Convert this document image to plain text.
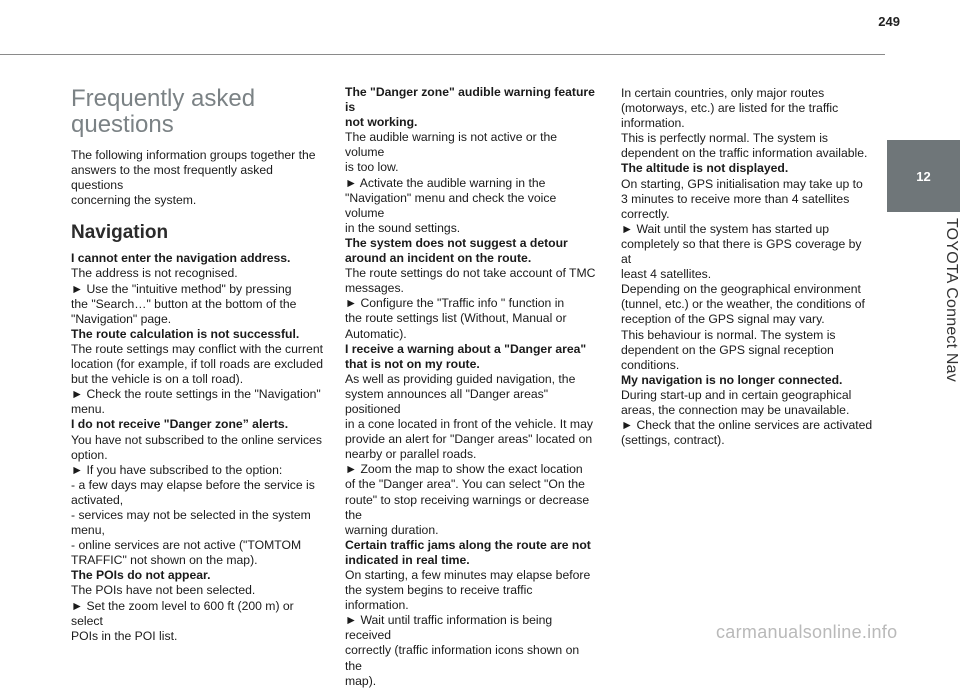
249
12
TOYOTA Connect Nav
Frequently asked
questions

The following information groups together the
answers to the most frequently asked questions
concerning the system.

Navigation

I cannot enter the navigation address.

The address is not recognised.
► Use the "intuitive method" by pressing
the "Search…" button at the bottom of the
"Navigation" page.

The route calculation is not successful.

The route settings may conflict with the current
location (for example, if toll roads are excluded
but the vehicle is on a toll road).
► Check the route settings in the "Navigation"
menu.

I do not receive "Danger zone” alerts.

You have not subscribed to the online services
option.
► If you have subscribed to the option:
- a few days may elapse before the service is
activated,
- services may not be selected in the system
menu,
- online services are not active ("TOMTOM
TRAFFIC" not shown on the map).

The POIs do not appear.

The POIs have not been selected.
► Set the zoom level to 600 ft (200 m) or select
POIs in the POI list.

The "Danger zone" audible warning feature is
not working.

The audible warning is not active or the volume
is too low.
► Activate the audible warning in the
"Navigation" menu and check the voice volume
in the sound settings.

The system does not suggest a detour
around an incident on the route.

The route settings do not take account of TMC
messages.
► Configure the "Traffic info " function in
the route settings list (Without, Manual or
Automatic).

I receive a warning about a "Danger area"
that is not on my route.

As well as providing guided navigation, the
system announces all "Danger areas" positioned
in a cone located in front of the vehicle. It may
provide an alert for "Danger areas" located on
nearby or parallel roads.
► Zoom the map to show the exact location
of the "Danger area". You can select "On the
route" to stop receiving warnings or decrease the
warning duration.

Certain traffic jams along the route are not
indicated in real time.

On starting, a few minutes may elapse before
the system begins to receive traffic information.
► Wait until traffic information is being received
correctly (traffic information icons shown on the
map).

In certain countries, only major routes
(motorways, etc.) are listed for the traffic
information.
This is perfectly normal. The system is
dependent on the traffic information available.

The altitude is not displayed.

On starting, GPS initialisation may take up to
3 minutes to receive more than 4 satellites
correctly.
► Wait until the system has started up
completely so that there is GPS coverage by at
least 4 satellites.
Depending on the geographical environment
(tunnel, etc.) or the weather, the conditions of
reception of the GPS signal may vary.
This behaviour is normal. The system is
dependent on the GPS signal reception
conditions.

My navigation is no longer connected.

During start-up and in certain geographical
areas, the connection may be unavailable.
► Check that the online services are activated
(settings, contract).

carmanualsonline.info
